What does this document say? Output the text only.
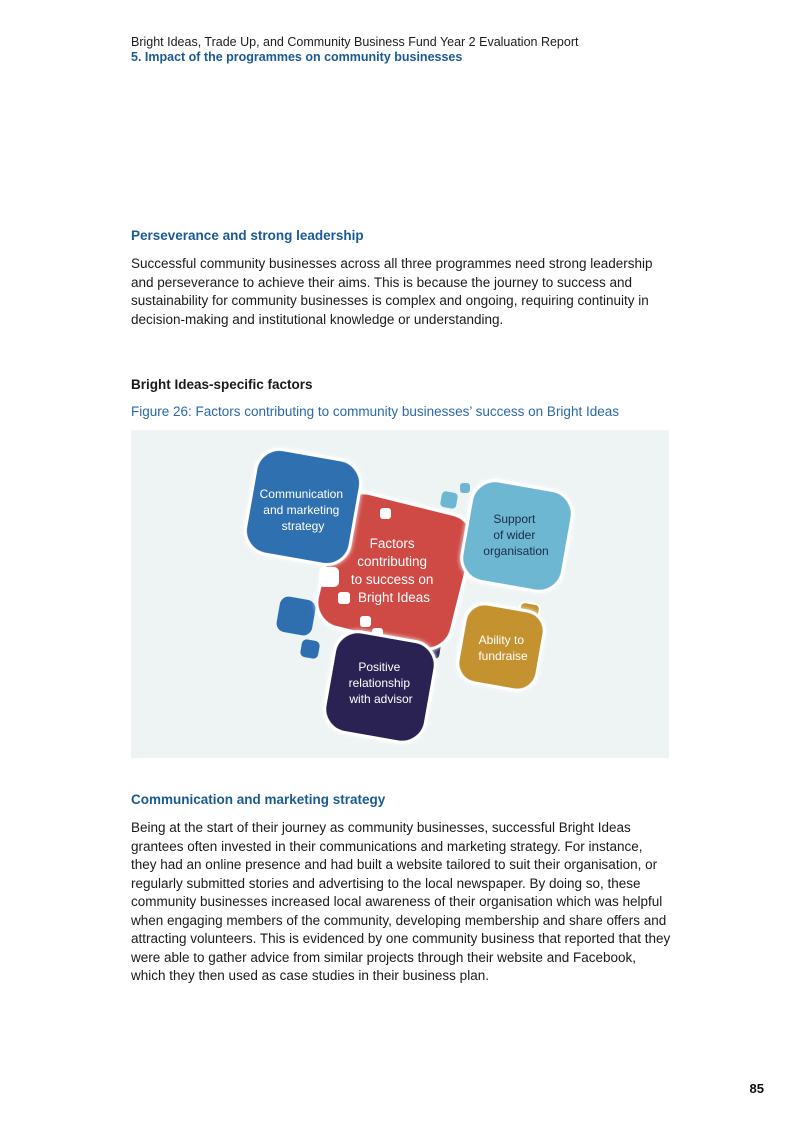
Bright Ideas, Trade Up, and Community Business Fund Year 2 Evaluation Report
5. Impact of the programmes on community businesses
Perseverance and strong leadership

Successful community businesses across all three programmes need strong leadership and perseverance to achieve their aims. This is because the journey to success and sustainability for community businesses is complex and ongoing, requiring continuity in decision-making and institutional knowledge or understanding.

Bright Ideas-specific factors
Figure 26: Factors contributing to community businesses’ success on Bright Ideas
Factors contributing to success on Bright Ideas
Communication and marketing strategy	Support of wider organisation
Ability to fundraise
Positive relationship with advisor
Communication and marketing strategy

Being at the start of their journey as community businesses, successful Bright Ideas grantees often invested in their communications and marketing strategy. For instance, they had an online presence and had built a website tailored to suit their organisation, or regularly submitted stories and advertising to the local newspaper. By doing so, these community businesses increased local awareness of their organisation which was helpful when engaging members of the community, developing membership and share offers and attracting volunteers. This is evidenced by one community business that reported that they were able to gather advice from similar projects through their website and Facebook, which they then used as case studies in their business plan.

85
